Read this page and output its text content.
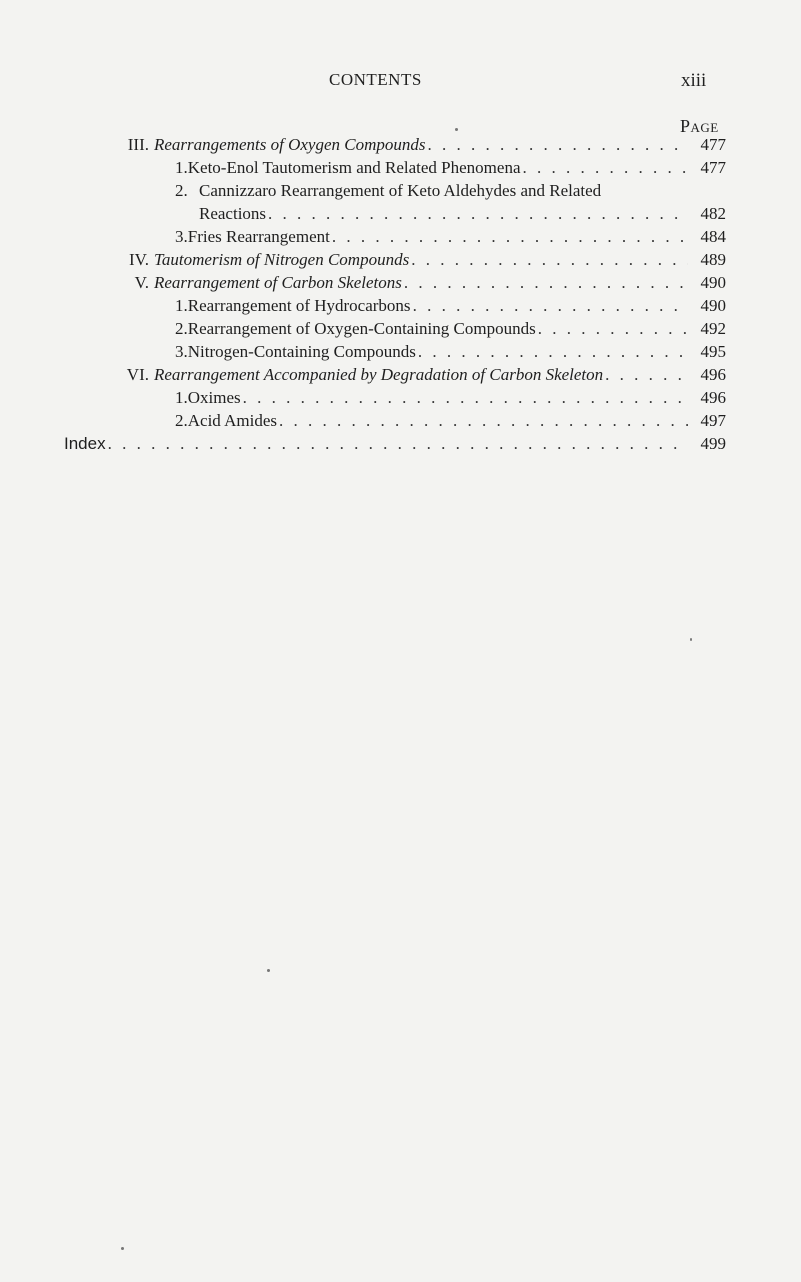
CONTENTS	xiii
Page
III. Rearrangements of Oxygen Compounds . . .	477
1. Keto-Enol Tautomerism and Related Phenomena . . .	477
2. Cannizzaro Rearrangement of Keto Aldehydes and Related
Reactions . . .	482
3. Fries Rearrangement . . .	484
IV. Tautomerism of Nitrogen Compounds . . .	489
V. Rearrangement of Carbon Skeletons . . .	490
1. Rearrangement of Hydrocarbons . . .	490
2. Rearrangement of Oxygen-Containing Compounds . . .	492
3. Nitrogen-Containing Compounds . . .	495
VI. Rearrangement Accompanied by Degradation of Carbon Skeleton . . .	496
1. Oximes . . .	496
2. Acid Amides . . .	497
Index . . .	499
